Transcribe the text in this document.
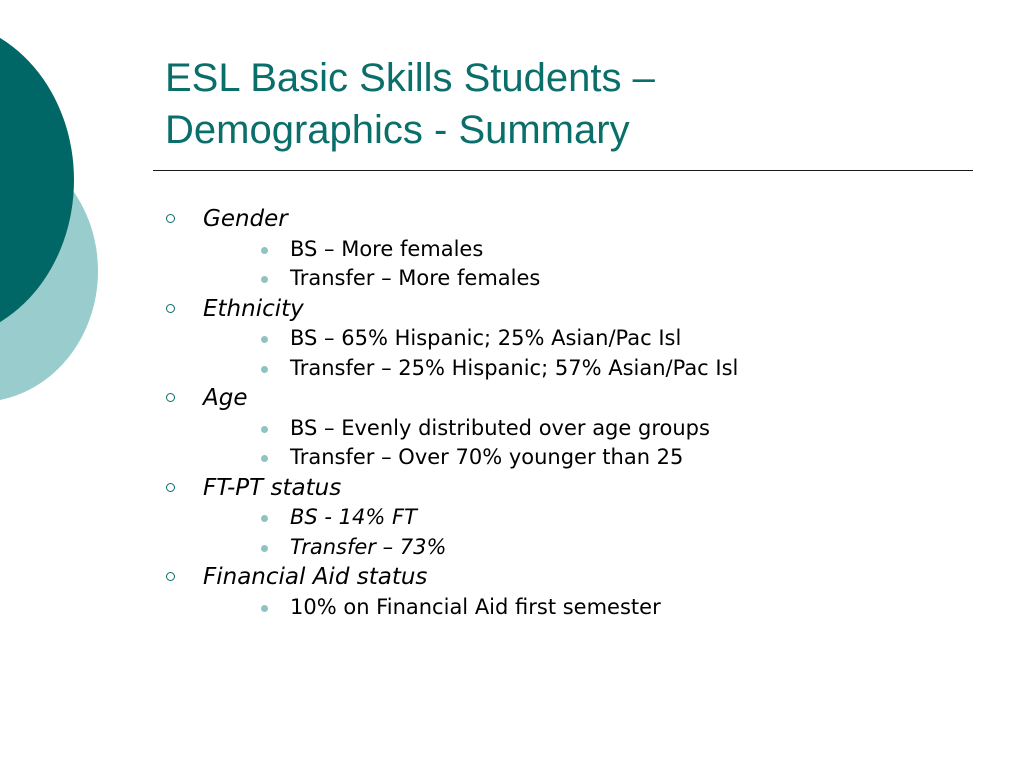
ESL Basic Skills Students –
Demographics - Summary
Gender
BS – More females
Transfer – More females
Ethnicity
BS – 65% Hispanic; 25% Asian/Pac Isl
Transfer – 25% Hispanic; 57% Asian/Pac Isl
Age
BS – Evenly distributed over age groups
Transfer – Over 70% younger than 25
FT-PT status
BS - 14% FT
Transfer – 73%
Financial Aid status
10% on Financial Aid first semester
